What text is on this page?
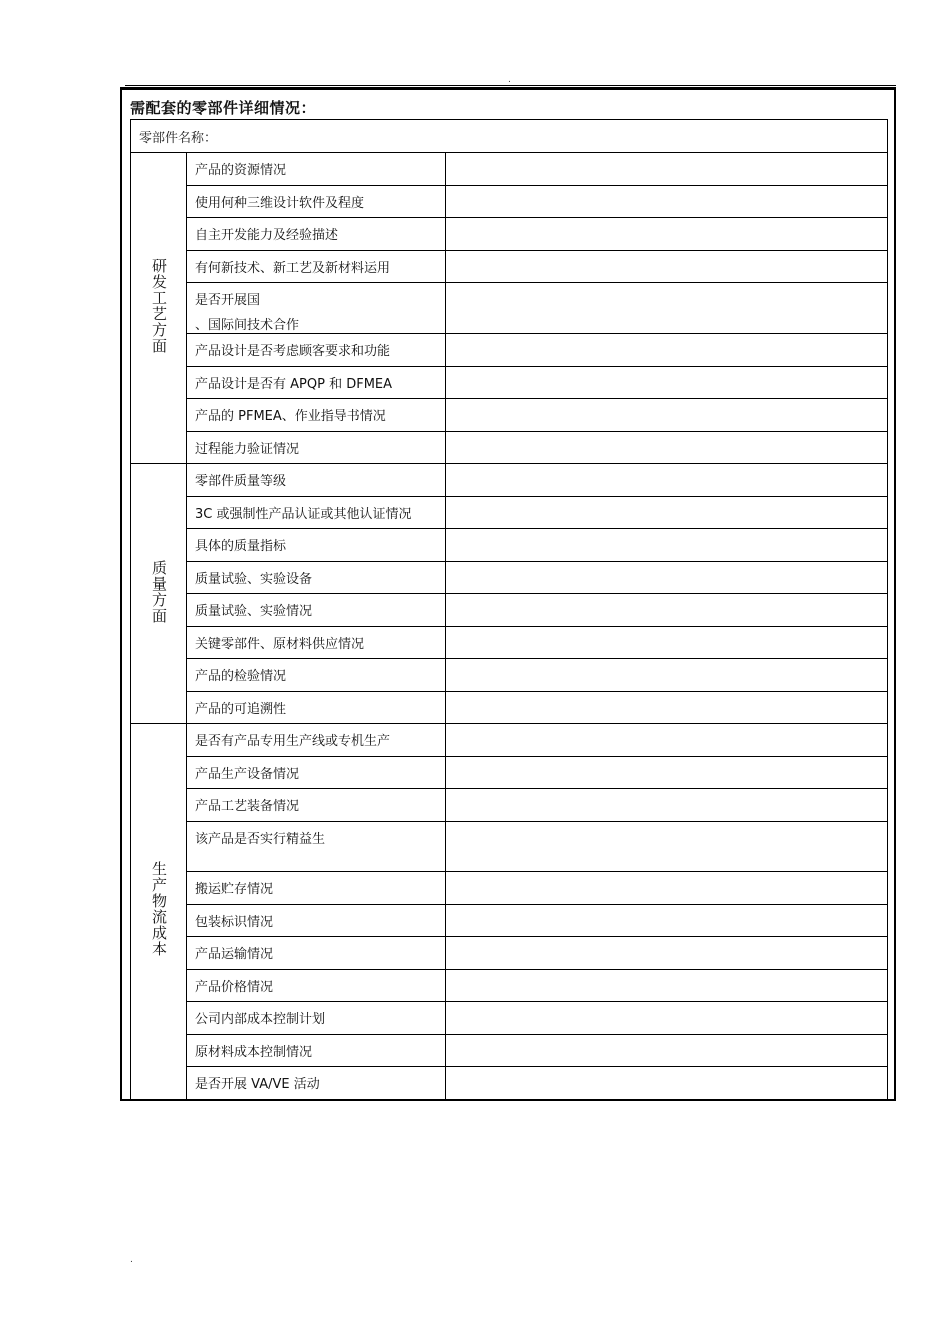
.
需配套的零部件详细情况：
零部件名称：		
研发工艺方面	产品的资源情况	
	使用何种三维设计软件及程度	
	自主开发能力及经验描述	
	有何新技术、新工艺及新材料运用	

	是否开展国
、国际间技术合作	

	产品设计是否考虑顾客要求和功能	
	产品设计是否有 APQP 和 DFMEA	
	产品的 PFMEA、作业指导书情况	
	过程能力验证情况	
质量方面	零部件质量等级	
	3C 或强制性产品认证或其他认证情况	
	具体的质量指标	
	质量试验、实验设备	
	质量试验、实验情况	
	关键零部件、原材料供应情况	
	产品的检验情况	
	产品的可追溯性	
生产物流成本	是否有产品专用生产线或专机生产	
	产品生产设备情况	
	产品工艺装备情况	

	该产品是否实行精益生	

	搬运贮存情况	
	包装标识情况	
	产品运输情况	
	产品价格情况	
	公司内部成本控制计划	
	原材料成本控制情况	
	是否开展 VA/VE 活动	
.
